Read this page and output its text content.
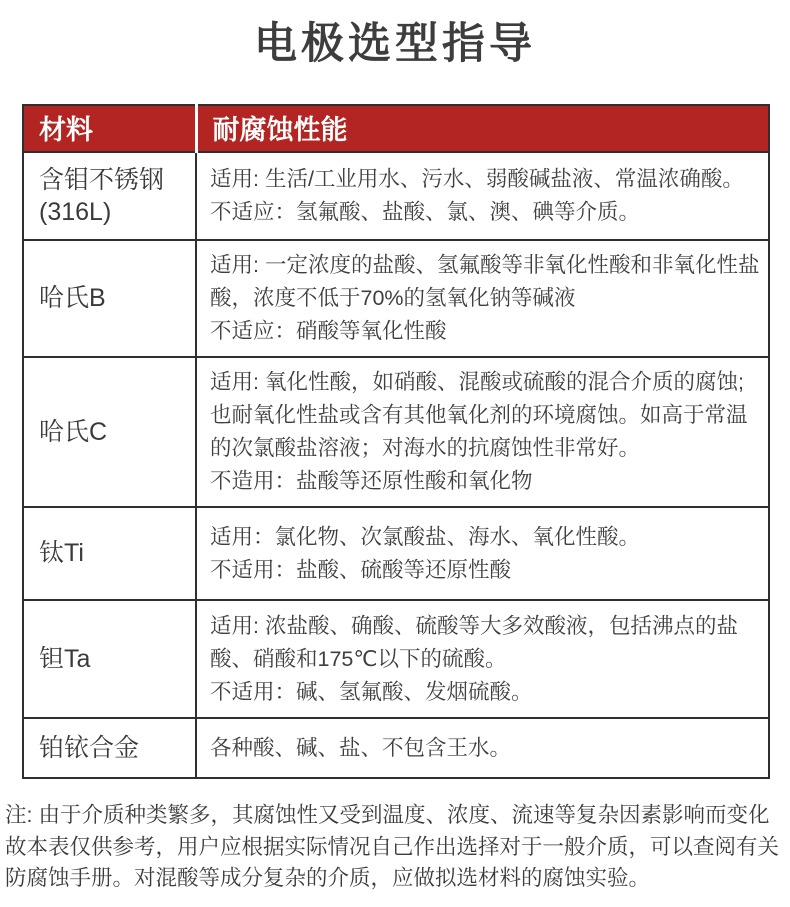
电极选型指导
材料	耐腐蚀性能
含钼不锈钢(316L)	适用: 生活/工业用水、污水、弱酸碱盐液、常温浓确酸。

不适应：氢氟酸、盐酸、氯、澳、碘等介质。

哈氏B	适用: 一定浓度的盐酸、氢氟酸等非氧化性酸和非氧化性盐酸，浓度不低于70%的氢氧化钠等碱液

不适应：硝酸等氧化性酸

哈氏C	适用: 氧化性酸，如硝酸、混酸或硫酸的混合介质的腐蚀; 也耐氧化性盐或含有其他氧化剂的环境腐蚀。如高于常温的次氯酸盐溶液；对海水的抗腐蚀性非常好。

不造用：盐酸等还原性酸和氧化物

钛Ti	适用：氯化物、次氯酸盐、海水、氧化性酸。

不适用：盐酸、硫酸等还原性酸

钽Ta	适用: 浓盐酸、确酸、硫酸等大多效酸液，包括沸点的盐酸、硝酸和175℃以下的硫酸。

不适用：碱、氢氟酸、发烟硫酸。

铂铱合金	各种酸、碱、盐、不包含王水。

注: 由于介质种类繁多，其腐蚀性又受到温度、浓度、流速等复杂因素影响而变化
故本表仅供参考，用户应根据实际情况自己作出选择对于一般介质，可以查阅有关
防腐蚀手册。对混酸等成分复杂的介质，应做拟选材料的腐蚀实验。
